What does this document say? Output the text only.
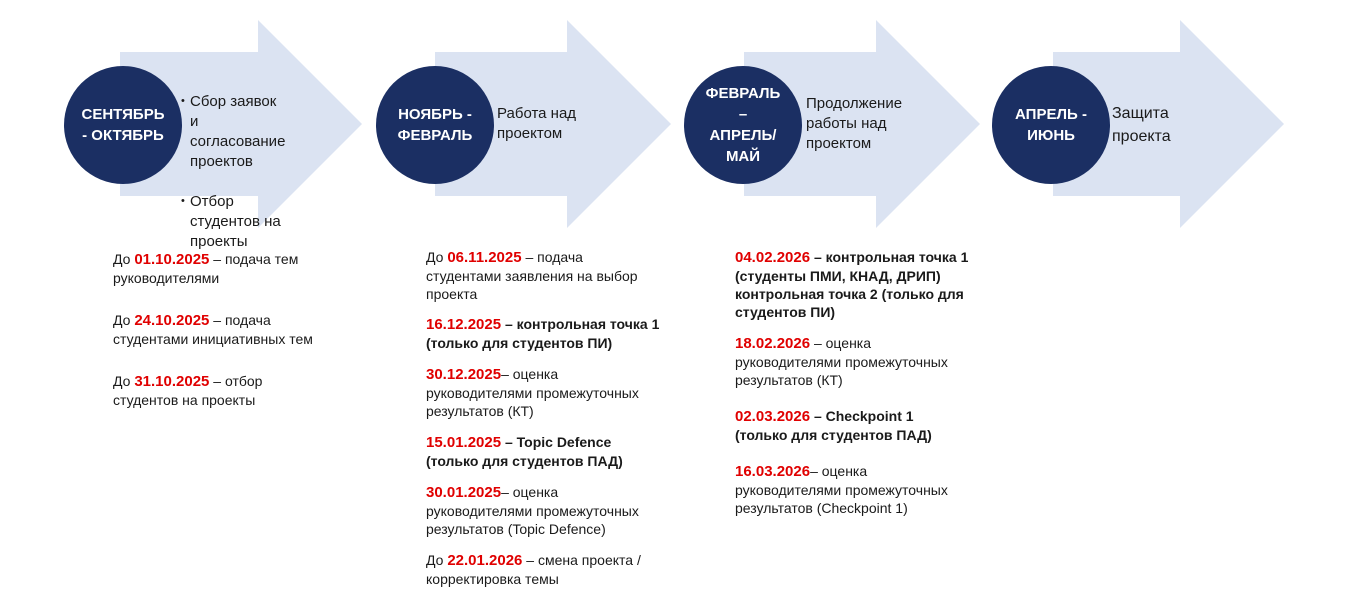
СЕНТЯБРЬ
- ОКТЯБРЬ
НОЯБРЬ -
ФЕВРАЛЬ
ФЕВРАЛЬ
–
АПРЕЛЬ/
МАЙ
АПРЕЛЬ -
ИЮНЬ

• Сбор заявок
и
согласование
проектов

• Отбор
студентов на
проекты

Работа над
проектом
Продолжение
работы над
проектом
Защита
проекта

До 01.10.2025 – подача тем
руководителями

До 24.10.2025 – подача
студентами инициативных тем

До 31.10.2025 – отбор
студентов на проекты

До 06.11.2025 – подача
студентами заявления на выбор
проекта

16.12.2025 – контрольная точка 1
(только для студентов ПИ)

30.12.2025– оценка
руководителями промежуточных
результатов (КТ)

15.01.2025 – Topic Defence
(только для студентов ПАД)

30.01.2025– оценка
руководителями промежуточных
результатов (Topic Defence)

До 22.01.2026 – смена проекта /
корректировка темы

04.02.2026 – контрольная точка 1
(студенты ПМИ, КНАД, ДРИП)
контрольная точка 2 (только для
студентов ПИ)

18.02.2026 – оценка
руководителями промежуточных
результатов (КТ)

02.03.2026 – Checkpoint 1
(только для студентов ПАД)

16.03.2026– оценка
руководителями промежуточных
результатов (Checkpoint 1)
